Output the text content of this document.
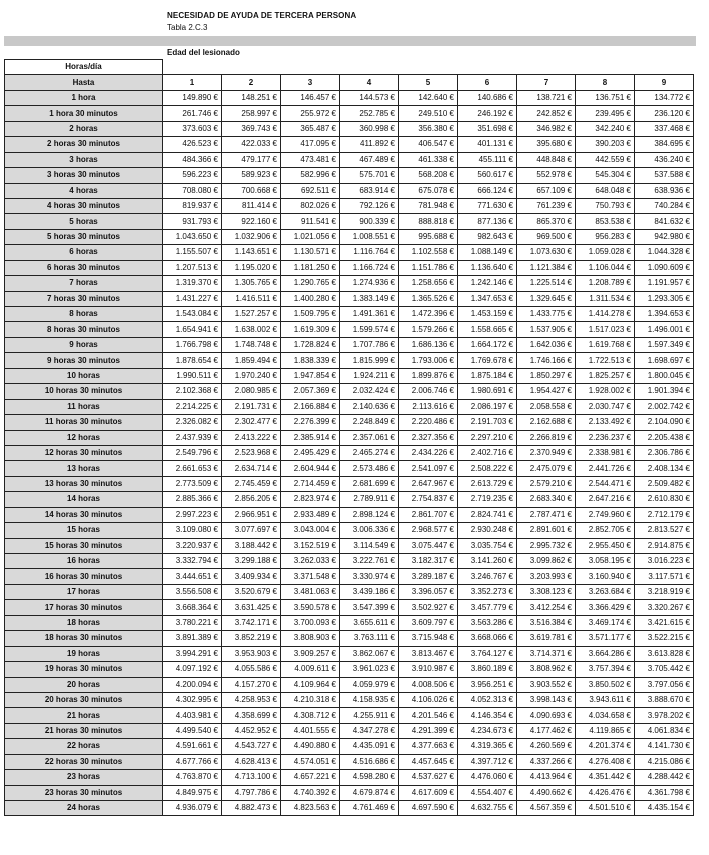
NECESIDAD DE AYUDA DE TERCERA PERSONA
Tabla 2.C.3
Edad del lesionado
Horas/día									
Hasta	1	2	3	4	5	6	7	8	9
1 hora	149.890 €	148.251 €	146.457 €	144.573 €	142.640 €	140.686 €	138.721 €	136.751 €	134.772 €
1 hora 30 minutos	261.746 €	258.997 €	255.972 €	252.785 €	249.510 €	246.192 €	242.852 €	239.495 €	236.120 €
2 horas	373.603 €	369.743 €	365.487 €	360.998 €	356.380 €	351.698 €	346.982 €	342.240 €	337.468 €
2 horas 30 minutos	426.523 €	422.033 €	417.095 €	411.892 €	406.547 €	401.131 €	395.680 €	390.203 €	384.695 €
3 horas	484.366 €	479.177 €	473.481 €	467.489 €	461.338 €	455.111 €	448.848 €	442.559 €	436.240 €
3 horas 30 minutos	596.223 €	589.923 €	582.996 €	575.701 €	568.208 €	560.617 €	552.978 €	545.304 €	537.588 €
4 horas	708.080 €	700.668 €	692.511 €	683.914 €	675.078 €	666.124 €	657.109 €	648.048 €	638.936 €
4 horas 30 minutos	819.937 €	811.414 €	802.026 €	792.126 €	781.948 €	771.630 €	761.239 €	750.793 €	740.284 €
5 horas	931.793 €	922.160 €	911.541 €	900.339 €	888.818 €	877.136 €	865.370 €	853.538 €	841.632 €
5 horas 30 minutos	1.043.650 €	1.032.906 €	1.021.056 €	1.008.551 €	995.688 €	982.643 €	969.500 €	956.283 €	942.980 €
6 horas	1.155.507 €	1.143.651 €	1.130.571 €	1.116.764 €	1.102.558 €	1.088.149 €	1.073.630 €	1.059.028 €	1.044.328 €
6 horas 30 minutos	1.207.513 €	1.195.020 €	1.181.250 €	1.166.724 €	1.151.786 €	1.136.640 €	1.121.384 €	1.106.044 €	1.090.609 €
7 horas	1.319.370 €	1.305.765 €	1.290.765 €	1.274.936 €	1.258.656 €	1.242.146 €	1.225.514 €	1.208.789 €	1.191.957 €
7 horas 30 minutos	1.431.227 €	1.416.511 €	1.400.280 €	1.383.149 €	1.365.526 €	1.347.653 €	1.329.645 €	1.311.534 €	1.293.305 €
8 horas	1.543.084 €	1.527.257 €	1.509.795 €	1.491.361 €	1.472.396 €	1.453.159 €	1.433.775 €	1.414.278 €	1.394.653 €
8 horas 30 minutos	1.654.941 €	1.638.002 €	1.619.309 €	1.599.574 €	1.579.266 €	1.558.665 €	1.537.905 €	1.517.023 €	1.496.001 €
9 horas	1.766.798 €	1.748.748 €	1.728.824 €	1.707.786 €	1.686.136 €	1.664.172 €	1.642.036 €	1.619.768 €	1.597.349 €
9 horas 30 minutos	1.878.654 €	1.859.494 €	1.838.339 €	1.815.999 €	1.793.006 €	1.769.678 €	1.746.166 €	1.722.513 €	1.698.697 €
10 horas	1.990.511 €	1.970.240 €	1.947.854 €	1.924.211 €	1.899.876 €	1.875.184 €	1.850.297 €	1.825.257 €	1.800.045 €
10 horas 30 minutos	2.102.368 €	2.080.985 €	2.057.369 €	2.032.424 €	2.006.746 €	1.980.691 €	1.954.427 €	1.928.002 €	1.901.394 €
11 horas	2.214.225 €	2.191.731 €	2.166.884 €	2.140.636 €	2.113.616 €	2.086.197 €	2.058.558 €	2.030.747 €	2.002.742 €
11 horas 30 minutos	2.326.082 €	2.302.477 €	2.276.399 €	2.248.849 €	2.220.486 €	2.191.703 €	2.162.688 €	2.133.492 €	2.104.090 €
12 horas	2.437.939 €	2.413.222 €	2.385.914 €	2.357.061 €	2.327.356 €	2.297.210 €	2.266.819 €	2.236.237 €	2.205.438 €
12 horas 30 minutos	2.549.796 €	2.523.968 €	2.495.429 €	2.465.274 €	2.434.226 €	2.402.716 €	2.370.949 €	2.338.981 €	2.306.786 €
13 horas	2.661.653 €	2.634.714 €	2.604.944 €	2.573.486 €	2.541.097 €	2.508.222 €	2.475.079 €	2.441.726 €	2.408.134 €
13 horas 30 minutos	2.773.509 €	2.745.459 €	2.714.459 €	2.681.699 €	2.647.967 €	2.613.729 €	2.579.210 €	2.544.471 €	2.509.482 €
14 horas	2.885.366 €	2.856.205 €	2.823.974 €	2.789.911 €	2.754.837 €	2.719.235 €	2.683.340 €	2.647.216 €	2.610.830 €
14 horas 30 minutos	2.997.223 €	2.966.951 €	2.933.489 €	2.898.124 €	2.861.707 €	2.824.741 €	2.787.471 €	2.749.960 €	2.712.179 €
15 horas	3.109.080 €	3.077.697 €	3.043.004 €	3.006.336 €	2.968.577 €	2.930.248 €	2.891.601 €	2.852.705 €	2.813.527 €
15 horas 30 minutos	3.220.937 €	3.188.442 €	3.152.519 €	3.114.549 €	3.075.447 €	3.035.754 €	2.995.732 €	2.955.450 €	2.914.875 €
16 horas	3.332.794 €	3.299.188 €	3.262.033 €	3.222.761 €	3.182.317 €	3.141.260 €	3.099.862 €	3.058.195 €	3.016.223 €
16 horas 30 minutos	3.444.651 €	3.409.934 €	3.371.548 €	3.330.974 €	3.289.187 €	3.246.767 €	3.203.993 €	3.160.940 €	3.117.571 €
17 horas	3.556.508 €	3.520.679 €	3.481.063 €	3.439.186 €	3.396.057 €	3.352.273 €	3.308.123 €	3.263.684 €	3.218.919 €
17 horas 30 minutos	3.668.364 €	3.631.425 €	3.590.578 €	3.547.399 €	3.502.927 €	3.457.779 €	3.412.254 €	3.366.429 €	3.320.267 €
18 horas	3.780.221 €	3.742.171 €	3.700.093 €	3.655.611 €	3.609.797 €	3.563.286 €	3.516.384 €	3.469.174 €	3.421.615 €
18 horas 30 minutos	3.891.389 €	3.852.219 €	3.808.903 €	3.763.111 €	3.715.948 €	3.668.066 €	3.619.781 €	3.571.177 €	3.522.215 €
19 horas	3.994.291 €	3.953.903 €	3.909.257 €	3.862.067 €	3.813.467 €	3.764.127 €	3.714.371 €	3.664.286 €	3.613.828 €
19 horas 30 minutos	4.097.192 €	4.055.586 €	4.009.611 €	3.961.023 €	3.910.987 €	3.860.189 €	3.808.962 €	3.757.394 €	3.705.442 €
20 horas	4.200.094 €	4.157.270 €	4.109.964 €	4.059.979 €	4.008.506 €	3.956.251 €	3.903.552 €	3.850.502 €	3.797.056 €
20 horas 30 minutos	4.302.995 €	4.258.953 €	4.210.318 €	4.158.935 €	4.106.026 €	4.052.313 €	3.998.143 €	3.943.611 €	3.888.670 €
21 horas	4.403.981 €	4.358.699 €	4.308.712 €	4.255.911 €	4.201.546 €	4.146.354 €	4.090.693 €	4.034.658 €	3.978.202 €
21 horas 30 minutos	4.499.540 €	4.452.952 €	4.401.555 €	4.347.278 €	4.291.399 €	4.234.673 €	4.177.462 €	4.119.865 €	4.061.834 €
22 horas	4.591.661 €	4.543.727 €	4.490.880 €	4.435.091 €	4.377.663 €	4.319.365 €	4.260.569 €	4.201.374 €	4.141.730 €
22 horas 30 minutos	4.677.766 €	4.628.413 €	4.574.051 €	4.516.686 €	4.457.645 €	4.397.712 €	4.337.266 €	4.276.408 €	4.215.086 €
23 horas	4.763.870 €	4.713.100 €	4.657.221 €	4.598.280 €	4.537.627 €	4.476.060 €	4.413.964 €	4.351.442 €	4.288.442 €
23 horas 30 minutos	4.849.975 €	4.797.786 €	4.740.392 €	4.679.874 €	4.617.609 €	4.554.407 €	4.490.662 €	4.426.476 €	4.361.798 €
24 horas	4.936.079 €	4.882.473 €	4.823.563 €	4.761.469 €	4.697.590 €	4.632.755 €	4.567.359 €	4.501.510 €	4.435.154 €
